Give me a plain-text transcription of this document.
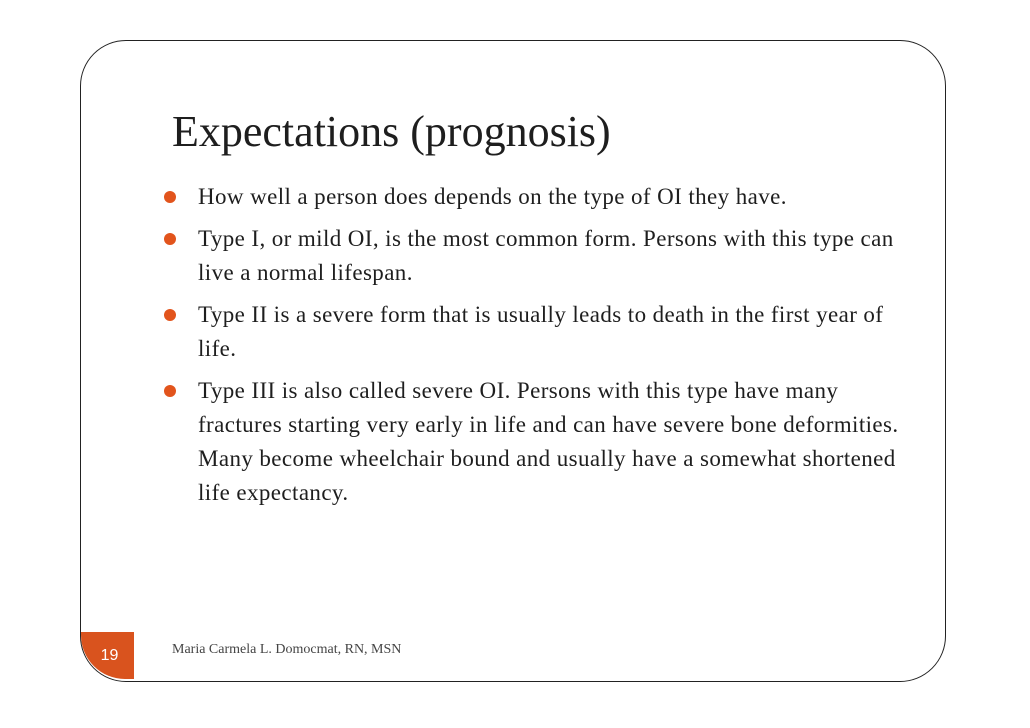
Expectations (prognosis)
How well a person does depends on the type of OI they have.
Type I, or mild OI, is the most common form. Persons with this type can live a normal lifespan.
Type II is a severe form that is usually leads to death in the first year of life.
Type III is also called severe OI. Persons with this type have many fractures starting very early in life and can have severe bone deformities. Many become wheelchair bound and usually have a somewhat shortened life expectancy.
19	Maria Carmela L. Domocmat, RN, MSN
